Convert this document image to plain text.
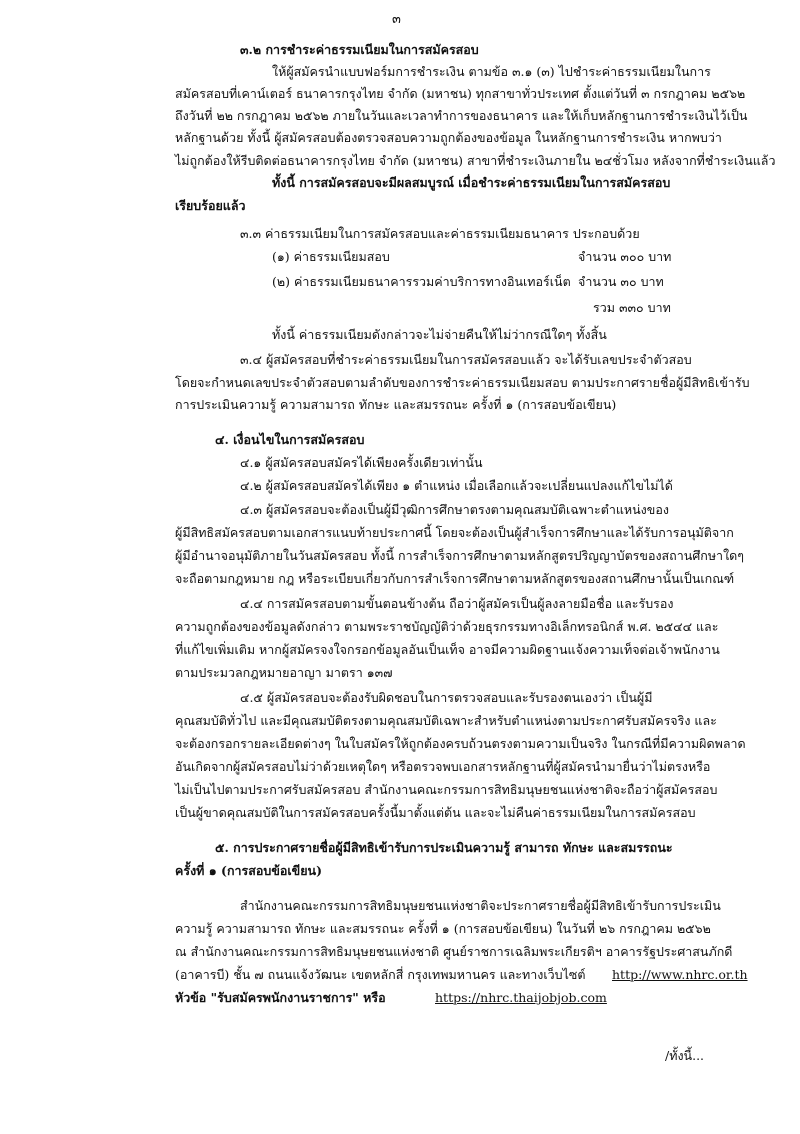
๓
๓.๒ การชำระค่าธรรมเนียมในการสมัครสอบ
ให้ผู้สมัครนำแบบฟอร์มการชำระเงิน ตามข้อ ๓.๑ (๓) ไปชำระค่าธรรมเนียมในการ
สมัครสอบที่เคาน์เตอร์ ธนาคารกรุงไทย จำกัด (มหาชน) ทุกสาขาทั่วประเทศ ตั้งแต่วันที่ ๓ กรกฎาคม ๒๕๖๒
ถึงวันที่ ๒๒ กรกฎาคม ๒๕๖๒ ภายในวันและเวลาทำการของธนาคาร และให้เก็บหลักฐานการชำระเงินไว้เป็น
หลักฐานด้วย ทั้งนี้ ผู้สมัครสอบต้องตรวจสอบความถูกต้องของข้อมูล ในหลักฐานการชำระเงิน หากพบว่า
ไม่ถูกต้องให้รีบติดต่อธนาคารกรุงไทย จำกัด (มหาชน) สาขาที่ชำระเงินภายใน ๒๔ชั่วโมง หลังจากที่ชำระเงินแล้ว
ทั้งนี้ การสมัครสอบจะมีผลสมบูรณ์ เมื่อชำระค่าธรรมเนียมในการสมัครสอบ
เรียบร้อยแล้ว
๓.๓ ค่าธรรมเนียมในการสมัครสอบและค่าธรรมเนียมธนาคาร ประกอบด้วย
(๑) ค่าธรรมเนียมสอบ	จำนวน ๓๐๐ บาท
(๒) ค่าธรรมเนียมธนาคารรวมค่าบริการทางอินเทอร์เน็ต จำนวน ๓๐ บาท
รวม ๓๓๐ บาท
ทั้งนี้ ค่าธรรมเนียมดังกล่าวจะไม่จ่ายคืนให้ไม่ว่ากรณีใดๆ ทั้งสิ้น
๓.๔ ผู้สมัครสอบที่ชำระค่าธรรมเนียมในการสมัครสอบแล้ว จะได้รับเลขประจำตัวสอบ
โดยจะกำหนดเลขประจำตัวสอบตามลำดับของการชำระค่าธรรมเนียมสอบ ตามประกาศรายชื่อผู้มีสิทธิเข้ารับ
การประเมินความรู้ ความสามารถ ทักษะ และสมรรถนะ ครั้งที่ ๑ (การสอบข้อเขียน)
๔. เงื่อนไขในการสมัครสอบ
๔.๑ ผู้สมัครสอบสมัครได้เพียงครั้งเดียวเท่านั้น
๔.๒ ผู้สมัครสอบสมัครได้เพียง ๑ ตำแหน่ง เมื่อเลือกแล้วจะเปลี่ยนแปลงแก้ไขไม่ได้
๔.๓ ผู้สมัครสอบจะต้องเป็นผู้มีวุฒิการศึกษาตรงตามคุณสมบัติเฉพาะตำแหน่งของ
ผู้มีสิทธิสมัครสอบตามเอกสารแนบท้ายประกาศนี้ โดยจะต้องเป็นผู้สำเร็จการศึกษาและได้รับการอนุมัติจาก
ผู้มีอำนาจอนุมัติภายในวันสมัครสอบ ทั้งนี้ การสำเร็จการศึกษาตามหลักสูตรปริญญาบัตรของสถานศึกษาใดๆ
จะถือตามกฎหมาย กฎ หรือระเบียบเกี่ยวกับการสำเร็จการศึกษาตามหลักสูตรของสถานศึกษานั้นเป็นเกณฑ์
๔.๔ การสมัครสอบตามขั้นตอนข้างต้น ถือว่าผู้สมัครเป็นผู้ลงลายมือชื่อ และรับรอง
ความถูกต้องของข้อมูลดังกล่าว ตามพระราชบัญญัติว่าด้วยธุรกรรมทางอิเล็กทรอนิกส์ พ.ศ. ๒๕๔๔ และ
ที่แก้ไขเพิ่มเติม หากผู้สมัครจงใจกรอกข้อมูลอันเป็นเท็จ อาจมีความผิดฐานแจ้งความเท็จต่อเจ้าพนักงาน
ตามประมวลกฎหมายอาญา มาตรา ๑๓๗
๔.๕ ผู้สมัครสอบจะต้องรับผิดชอบในการตรวจสอบและรับรองตนเองว่า เป็นผู้มี
คุณสมบัติทั่วไป และมีคุณสมบัติตรงตามคุณสมบัติเฉพาะสำหรับตำแหน่งตามประกาศรับสมัครจริง และ
จะต้องกรอกรายละเอียดต่างๆ ในใบสมัครให้ถูกต้องครบถ้วนตรงตามความเป็นจริง ในกรณีที่มีความผิดพลาด
อันเกิดจากผู้สมัครสอบไม่ว่าด้วยเหตุใดๆ หรือตรวจพบเอกสารหลักฐานที่ผู้สมัครนำมายื่นว่าไม่ตรงหรือ
ไม่เป็นไปตามประกาศรับสมัครสอบ สำนักงานคณะกรรมการสิทธิมนุษยชนแห่งชาติจะถือว่าผู้สมัครสอบ
เป็นผู้ขาดคุณสมบัติในการสมัครสอบครั้งนี้มาตั้งแต่ต้น และจะไม่คืนค่าธรรมเนียมในการสมัครสอบ
๕. การประกาศรายชื่อผู้มีสิทธิเข้ารับการประเมินความรู้ สามารถ ทักษะ และสมรรถนะ
ครั้งที่ ๑ (การสอบข้อเขียน)
สำนักงานคณะกรรมการสิทธิมนุษยชนแห่งชาติจะประกาศรายชื่อผู้มีสิทธิเข้ารับการประเมิน
ความรู้ ความสามารถ ทักษะ และสมรรถนะ ครั้งที่ ๑ (การสอบข้อเขียน) ในวันที่ ๒๖ กรกฎาคม ๒๕๖๒
ณ สำนักงานคณะกรรมการสิทธิมนุษยชนแห่งชาติ ศูนย์ราชการเฉลิมพระเกียรติฯ อาคารรัฐประศาสนภักดี
(อาคารบี) ชั้น ๗ ถนนแจ้งวัฒนะ เขตหลักสี่ กรุงเทพมหานคร และทางเว็บไซต์ http://www.nhrc.or.th
หัวข้อ "รับสมัครพนักงานราชการ" หรือ	https://nhrc.thaijobjob.com
/ทั้งนี้...
